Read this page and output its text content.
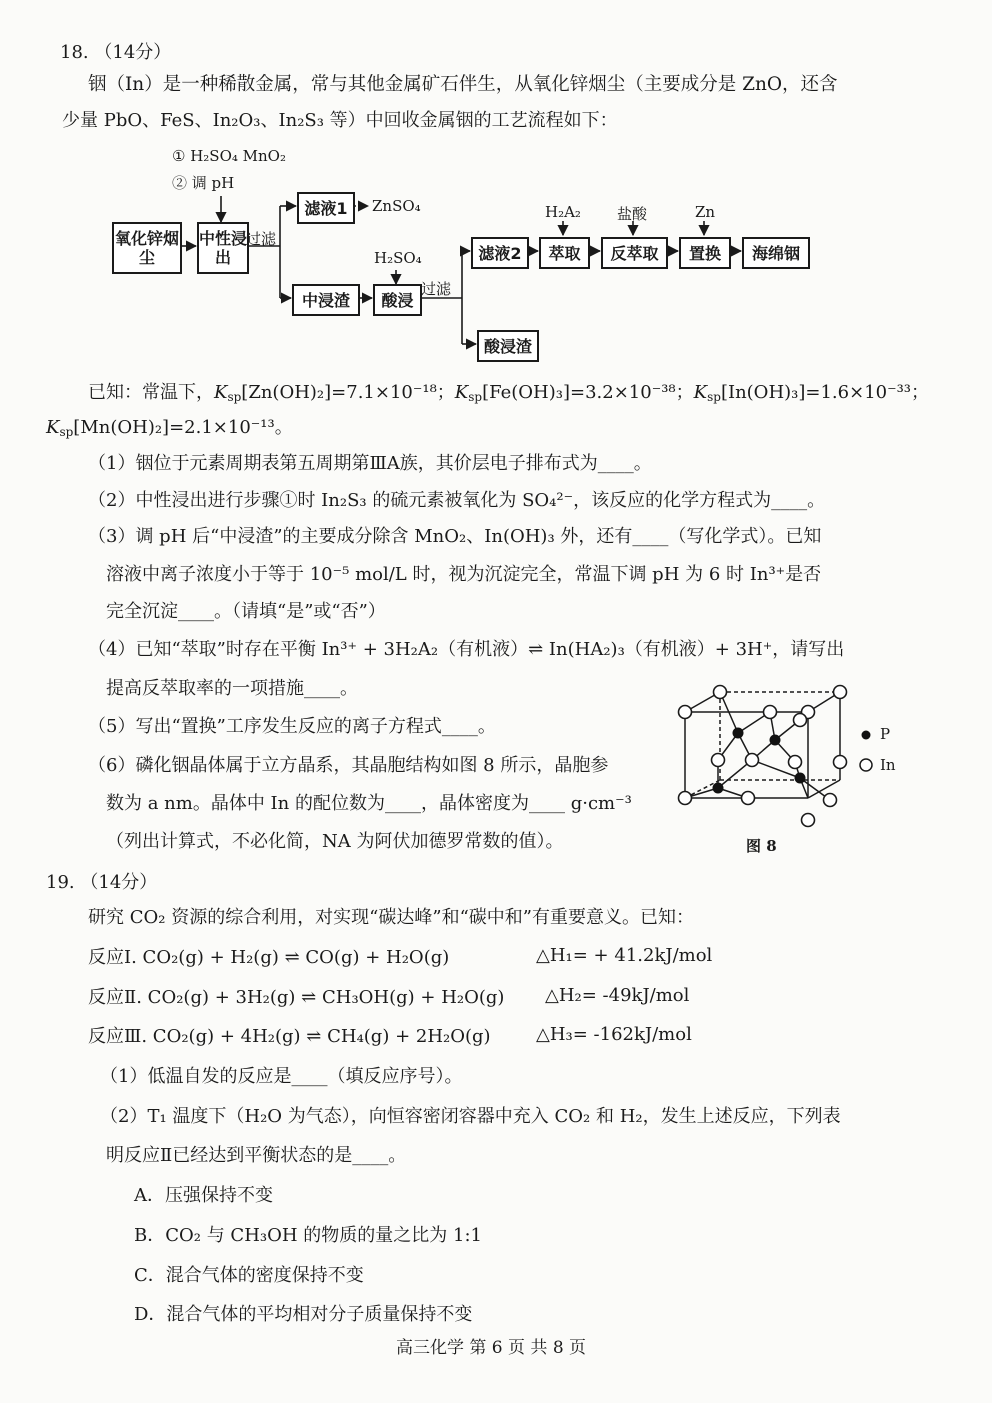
18. （14分）
铟（In）是一种稀散金属，常与其他金属矿石伴生，从氧化锌烟尘（主要成分是 ZnO，还含
少量 PbO、FeS、In₂O₃、In₂S₃ 等）中回收金属铟的工艺流程如下：
① H₂SO₄ MnO₂
② 调 pH
氧化锌烟尘
中性浸出
过滤
滤液1	ZnSO₄
中浸渣
H₂SO₄
酸浸
过滤
滤液2
酸浸渣
H₂A₂
萃取
盐酸
反萃取
Zn
置换	海绵铟
已知：常温下，$K_{sp}[Zn(OH)_2]=7.1\times 10^{-18}$；$K_{sp}[Fe(OH)_3]=3.2\times 10^{-38}$；$K_{sp}[In(OH)_3]=1.6\times 10^{-33}$；
$K_{sp}[Mn(OH)_2]=2.1\times 10^{-13}$。
（1）铟位于元素周期表第五周期第ⅢA族，其价层电子排布式为____。
（2）中性浸出进行步骤①时 In₂S₃ 的硫元素被氧化为 SO₄²⁻，该反应的化学方程式为____。
（3）调 pH 后“中浸渣”的主要成分除含 MnO₂、In(OH)₃ 外，还有____（写化学式）。已知
溶液中离子浓度小于等于 10⁻⁵ mol/L 时，视为沉淀完全，常温下调 pH 为 6 时 In³⁺是否
完全沉淀____。（请填“是”或“否”）
（4）已知“萃取”时存在平衡 In³⁺ + 3H₂A₂（有机液）⇌ In(HA₂)₃（有机液）+ 3H⁺，请写出
提高反萃取率的一项措施____。
（5）写出“置换”工序发生反应的离子方程式____。
（6）磷化铟晶体属于立方晶系，其晶胞结构如图 8 所示，晶胞参
数为 a nm。晶体中 In 的配位数为____，晶体密度为____ g·cm⁻³
（列出计算式，不必化简，NA 为阿伏加德罗常数的值）。
P
In
图 8
19. （14分）
研究 CO₂ 资源的综合利用，对实现“碳达峰”和“碳中和”有重要意义。已知：
反应Ⅰ. CO₂(g) + H₂(g) ⇌ CO(g) + H₂O(g)	△H₁= + 41.2kJ/mol
反应Ⅱ. CO₂(g) + 3H₂(g) ⇌ CH₃OH(g) + H₂O(g) △H₂= -49kJ/mol
反应Ⅲ. CO₂(g) + 4H₂(g) ⇌ CH₄(g) + 2H₂O(g)	△H₃= -162kJ/mol
（1）低温自发的反应是____（填反应序号）。
（2）T₁ 温度下（H₂O 为气态），向恒容密闭容器中充入 CO₂ 和 H₂，发生上述反应，下列表
明反应Ⅱ已经达到平衡状态的是____。
A．压强保持不变
B．CO₂ 与 CH₃OH 的物质的量之比为 1:1
C．混合气体的密度保持不变
D．混合气体的平均相对分子质量保持不变
高三化学 第 6 页 共 8 页
